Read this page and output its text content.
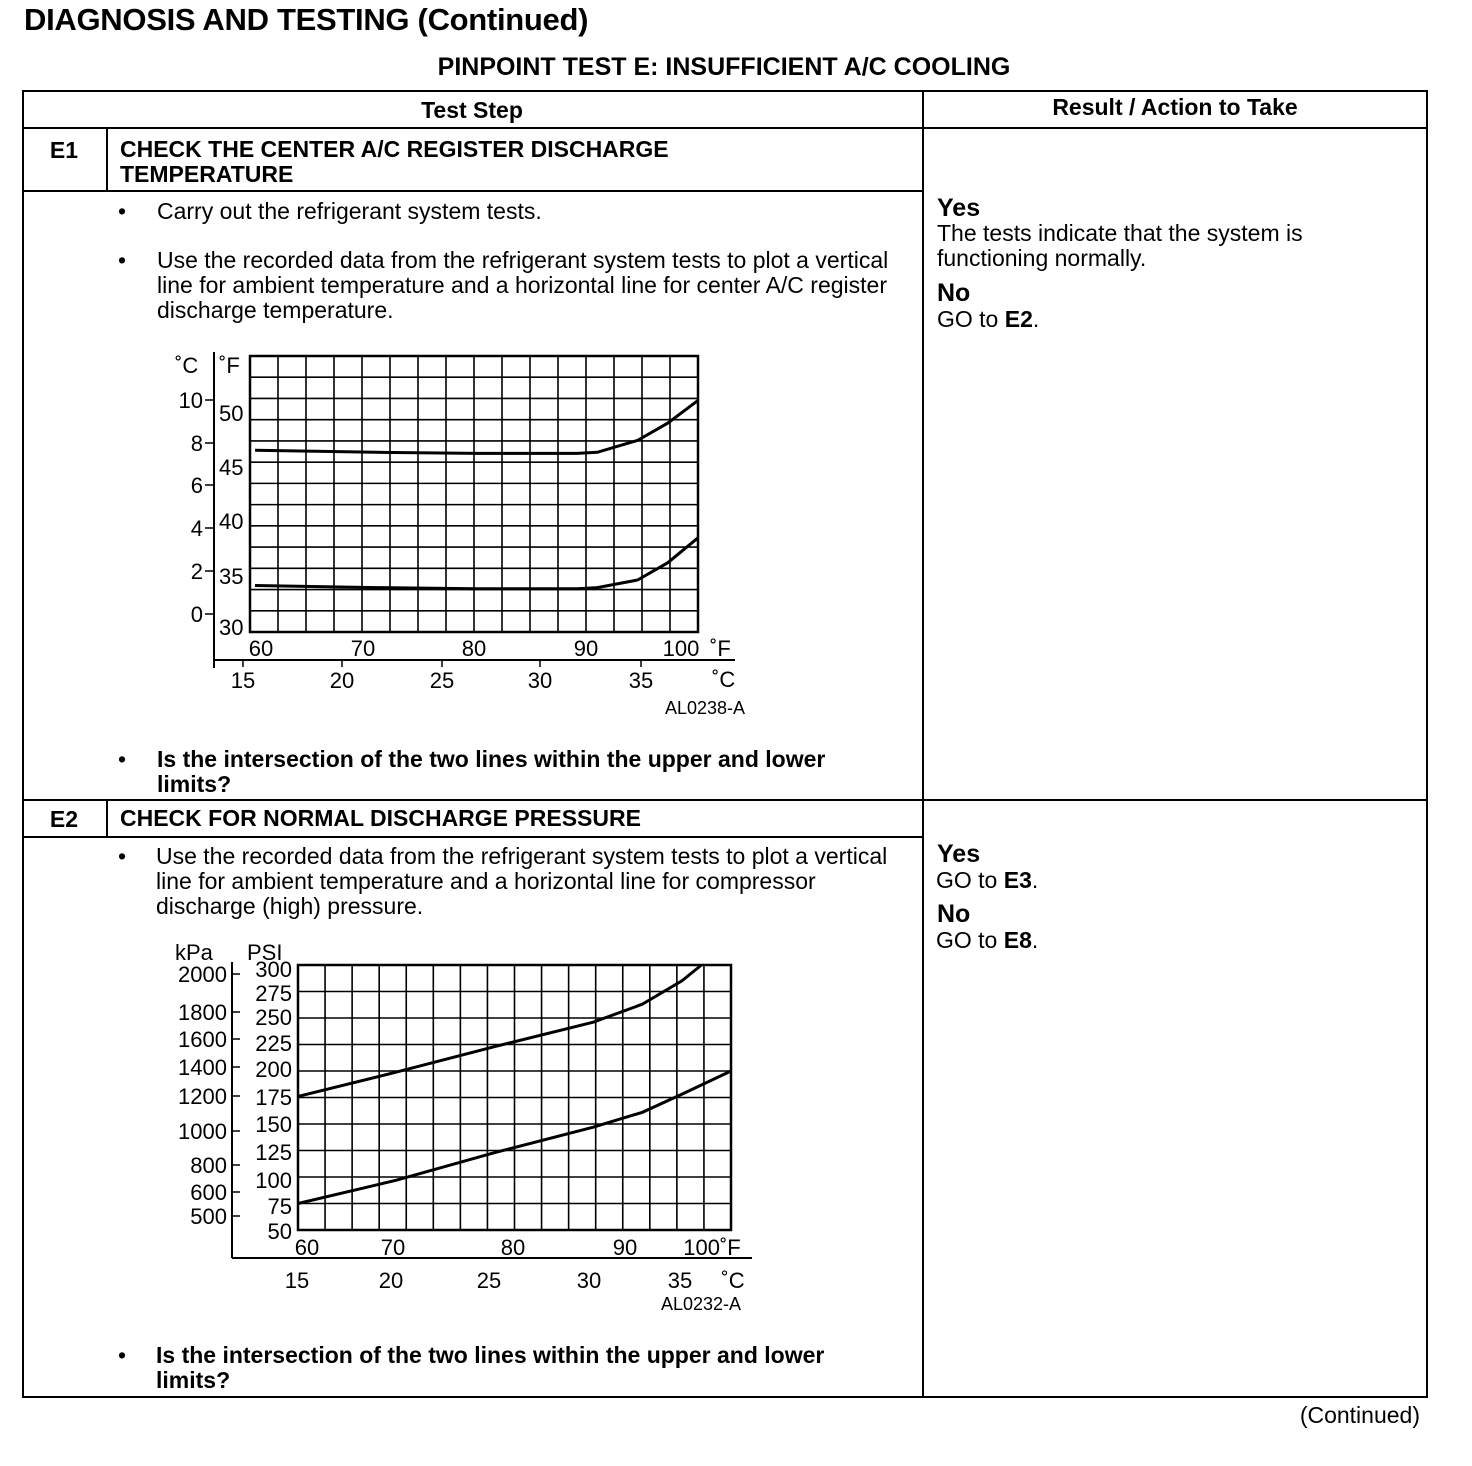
DIAGNOSIS AND TESTING (Continued)
PINPOINT TEST E: INSUFFICIENT A/C COOLING
Test Step	Result / Action to Take
E1	CHECK THE CENTER A/C REGISTER DISCHARGE TEMPERATURE
• Carry out the refrigerant system tests.
• Use the recorded data from the refrigerant system tests to plot a vertical line for ambient temperature and a horizontal line for center A/C register discharge temperature.
• Is the intersection of the two lines within the upper and lower limits?
Yes
The tests indicate that the system is functioning normally.
No
GO to E2.
E2	CHECK FOR NORMAL DISCHARGE PRESSURE
• Use the recorded data from the refrigerant system tests to plot a vertical line for ambient temperature and a horizontal line for compressor discharge (high) pressure.
• Is the intersection of the two lines within the upper and lower limits?
Yes
GO to E3.
No
GO to E8.
˚C ˚F
˚F
˚C
10
8
6
4
2
0
50
45
40
35
30
60	70	80	90	100
15	20	25	30	35
AL0238-A
kPa PSI
2000
1800
1600
1400
1200
1000
800
600
500
300
275
250
225
200
175
150
125
100
75
50
60	70	80	90 100˚F
15	20	25	30	35 ˚C
AL0232-A
(Continued)
